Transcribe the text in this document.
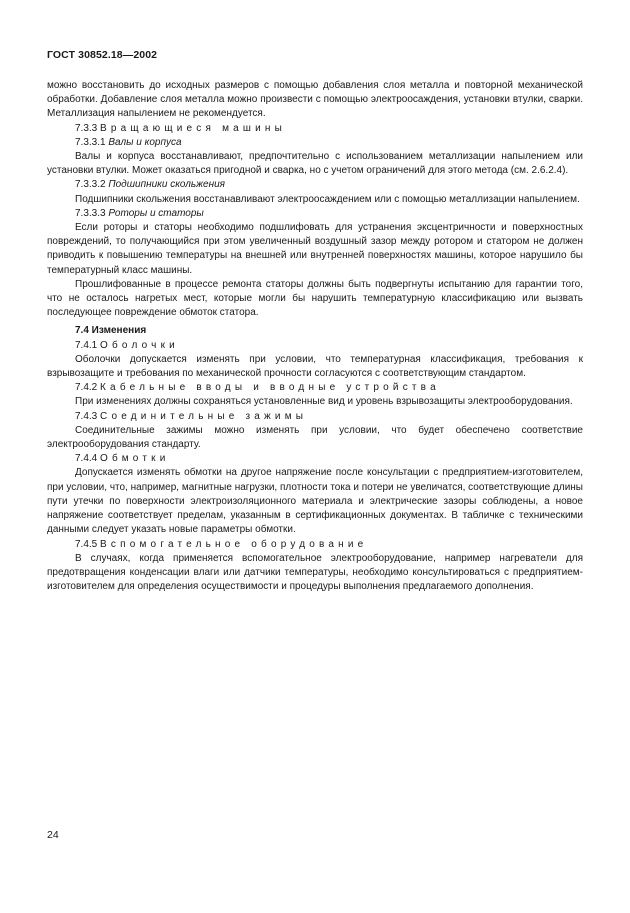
ГОСТ 30852.18—2002

можно восстановить до исходных размеров с помощью добавления слоя металла и повторной механической обработки. Добавление слоя металла можно произвести с помощью электроосаждения, установки втулки, сварки. Металлизация напылением не рекомендуется.

7.3.3 Вращающиеся машины

7.3.3.1 Валы и корпуса

Валы и корпуса восстанавливают, предпочтительно с использованием металлизации напылением или установки втулки. Может оказаться пригодной и сварка, но с учетом ограничений для этого метода (см. 2.6.2.4).

7.3.3.2 Подшипники скольжения

Подшипники скольжения восстанавливают электроосаждением или с помощью металлизации напылением.

7.3.3.3 Роторы и статоры

Если роторы и статоры необходимо подшлифовать для устранения эксцентричности и поверхностных повреждений, то получающийся при этом увеличенный воздушный зазор между ротором и статором не должен приводить к повышению температуры на внешней или внутренней поверхностях машины, которое нарушило бы температурный класс машины.

Прошлифованные в процессе ремонта статоры должны быть подвергнуты испытанию для гарантии того, что не осталось нагретых мест, которые могли бы нарушить температурную классификацию или вызвать последующее повреждение обмоток статора.

7.4 Изменения

7.4.1 Оболочки

Оболочки допускается изменять при условии, что температурная классификация, требования к взрывозащите и требования по механической прочности согласуются с соответствующим стандартом.

7.4.2 Кабельные вводы и вводные устройства

При изменениях должны сохраняться установленные вид и уровень взрывозащиты электрооборудования.

7.4.3 Соединительные зажимы

Соединительные зажимы можно изменять при условии, что будет обеспечено соответствие электрооборудования стандарту.

7.4.4 Обмотки

Допускается изменять обмотки на другое напряжение после консультации с предприятием-изготовителем, при условии, что, например, магнитные нагрузки, плотности тока и потери не увеличатся, соответствующие длины пути утечки по поверхности электроизоляционного материала и электрические зазоры соблюдены, а новое напряжение соответствует пределам, указанным в сертификационных документах. В табличке с техническими данными следует указать новые параметры обмотки.

7.4.5 Вспомогательное оборудование

В случаях, когда применяется вспомогательное электрооборудование, например нагреватели для предотвращения конденсации влаги или датчики температуры, необходимо консультироваться с предприятием-изготовителем для определения осуществимости и процедуры выполнения предлагаемого дополнения.

24
